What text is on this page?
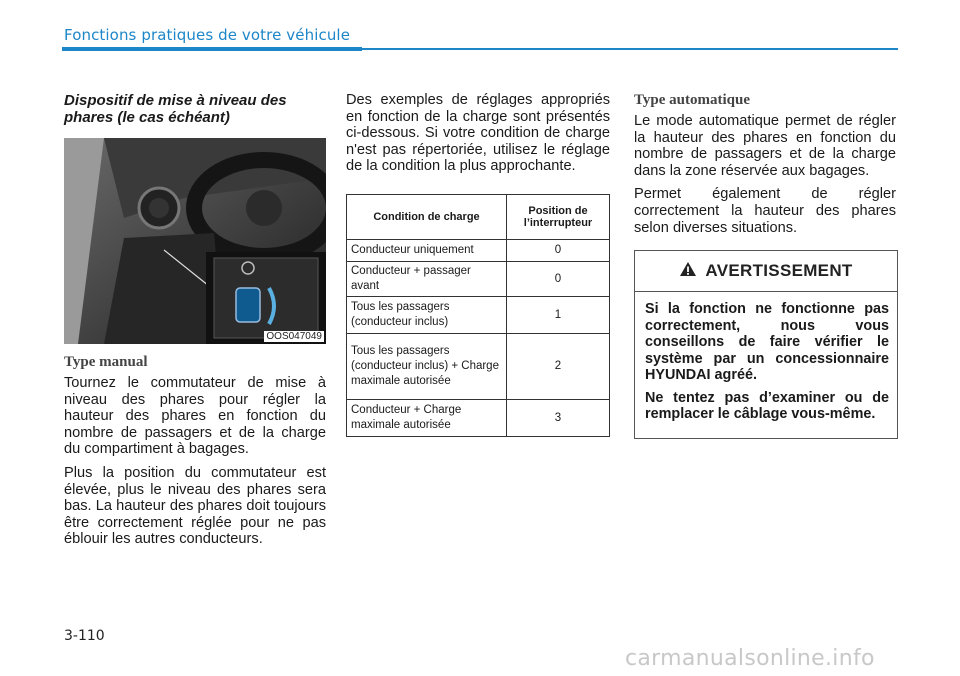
Fonctions pratiques de votre véhicule
Dispositif de mise à niveau des phares (le cas échéant)
OOS047049
Type manual

Tournez le commutateur de mise à niveau des phares pour régler la hauteur des phares en fonction du nombre de passagers et de la charge du compartiment à bagages.

Plus la position du commutateur est élevée, plus le niveau des phares sera bas. La hauteur des phares doit toujours être correctement réglée pour ne pas éblouir les autres conducteurs.

Des exemples de réglages appropriés en fonction de la charge sont présentés ci-dessous. Si votre condition de charge n'est pas répertoriée, utilisez le réglage de la condition la plus approchante.

Condition de charge	Position de l’interrupteur
Conducteur uniquement	0
Conducteur + passager avant	0
Tous les passagers (conducteur inclus)	1
Tous les passagers (conducteur inclus) + Charge maximale autorisée	2
Conducteur + Charge maximale autorisée	3
Type automatique

Le mode automatique permet de régler la hauteur des phares en fonction du nombre de passagers et de la charge dans la zone réservée aux bagages.

Permet également de régler correctement la hauteur des phares selon diverses situations.

AVERTISSEMENT

Si la fonction ne fonctionne pas correctement, nous vous conseillons de faire vérifier le système par un concessionnaire HYUNDAI agréé.

Ne tentez pas d’examiner ou de remplacer le câblage vous-même.

3-110
carmanualsonline.info
